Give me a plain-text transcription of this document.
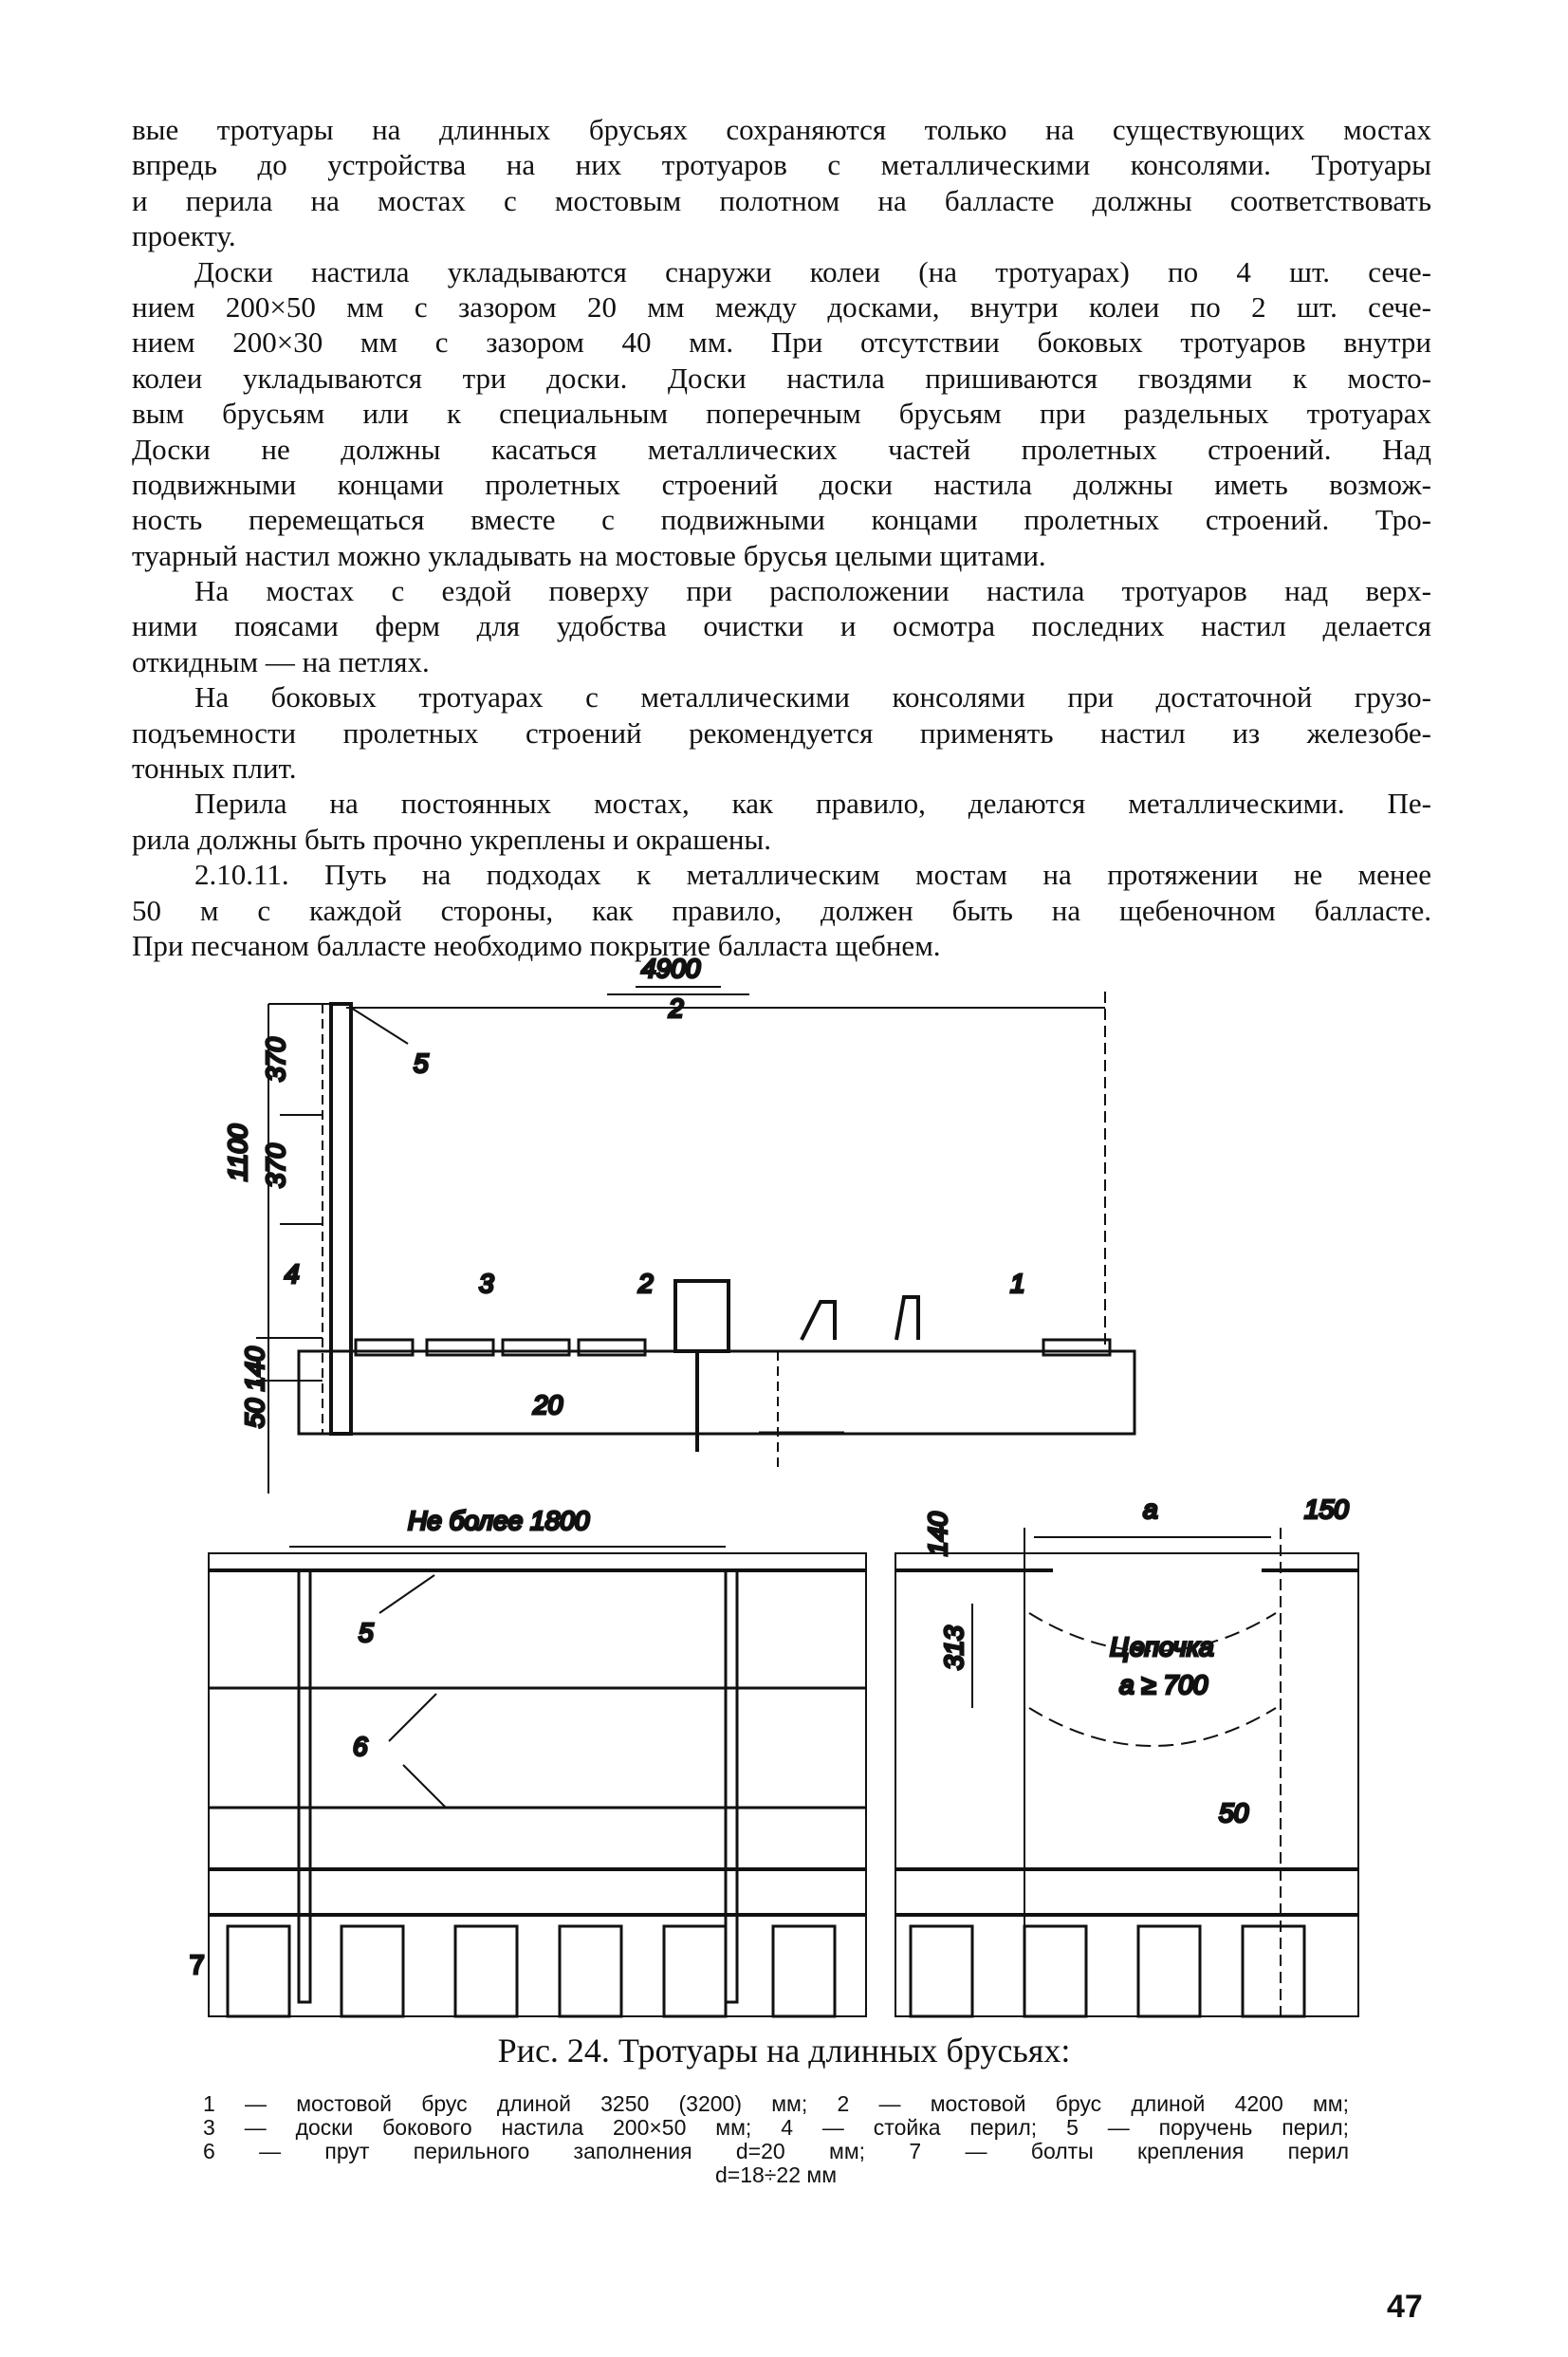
вые тротуары на длинных брусьях сохраняются только на существующих мостах
впредь до устройства на них тротуаров с металлическими консолями. Тротуары
и перила на мостах с мостовым полотном на балласте должны соответствовать
проекту.
Доски настила укладываются снаружи колеи (на тротуарах) по 4 шт. сече-
нием 200×50 мм с зазором 20 мм между досками, внутри колеи по 2 шт. сече-
нием 200×30 мм с зазором 40 мм. При отсутствии боковых тротуаров внутри
колеи укладываются три доски. Доски настила пришиваются гвоздями к мосто-
вым брусьям или к специальным поперечным брусьям при раздельных тротуарах
Доски не должны касаться металлических частей пролетных строений. Над
подвижными концами пролетных строений доски настила должны иметь возмож-
ность перемещаться вместе с подвижными концами пролетных строений. Тро-
туарный настил можно укладывать на мостовые брусья целыми щитами.
На мостах с ездой поверху при расположении настила тротуаров над верх-
ними поясами ферм для удобства очистки и осмотра последних настил делается
откидным — на петлях.
На боковых тротуарах с металлическими консолями при достаточной грузо-
подъемности пролетных строений рекомендуется применять настил из железобе-
тонных плит.
Перила на постоянных мостах, как правило, делаются металлическими. Пе-
рила должны быть прочно укреплены и окрашены.
2.10.11. Путь на подходах к металлическим мостам на протяжении не менее
50 м с каждой стороны, как правило, должен быть на щебеночном балласте.
При песчаном балласте необходимо покрытие балласта щебнем.
4900
2
370
370
1100
50 140	20
5
4	3	2	1
Не более 1800
5
6
7
140
a	150
313	Цепочка
a ≥ 700
50
Рис. 24. Тротуары на длинных брусьях:
1 — мостовой брус длиной 3250 (3200) мм; 2 — мостовой брус длиной 4200 мм;
3 — доски бокового настила 200×50 мм; 4 — стойка перил; 5 — поручень перил;
6 — прут перильного заполнения d=20 мм; 7 — болты крепления перил
d=18÷22 мм
47
